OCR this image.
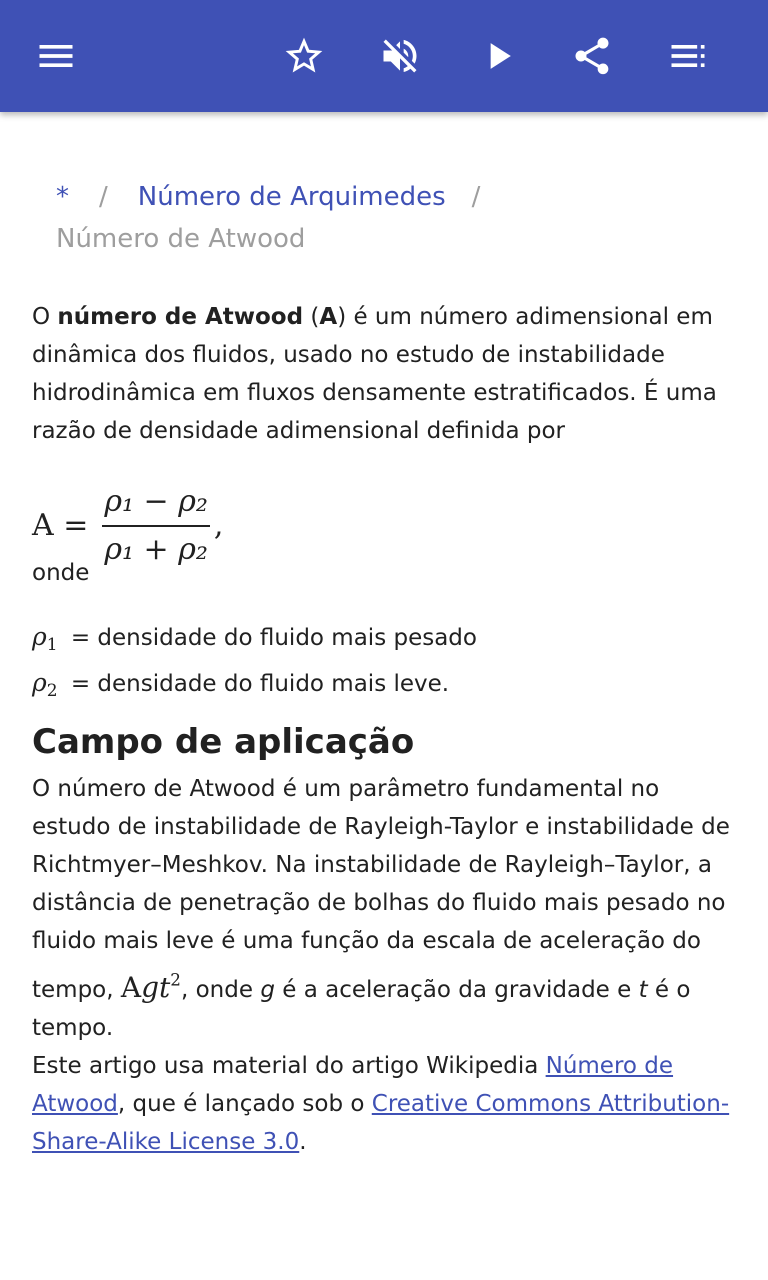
* / Número de Arquimedes /
Número de Atwood

O número de Atwood (A) é um número adimensional em dinâmica dos fluidos, usado no estudo de instabilidade hidrodinâmica em fluxos densamente estratificados. É uma razão de densidade adimensional definida por

$A = \frac{\text{ρ₁ − ρ₂}}{\text{ρ₁ + ρ₂}}$ ,

onde

$\rho_1$ = densidade do fluido mais pesado

$\rho_2$ = densidade do fluido mais leve.

Campo de aplicação

O número de Atwood é um parâmetro fundamental no estudo de instabilidade de Rayleigh-Taylor e instabilidade de Richtmyer–Meshkov. Na instabilidade de Rayleigh–Taylor, a distância de penetração de bolhas do fluido mais pesado no fluido mais leve é uma função da escala de aceleração do tempo, Agt$^2$, onde g é a aceleração da gravidade e t é o tempo.

Este artigo usa material do artigo Wikipedia Número de Atwood, que é lançado sob o Creative Commons Attribution-Share-Alike License 3.0.
